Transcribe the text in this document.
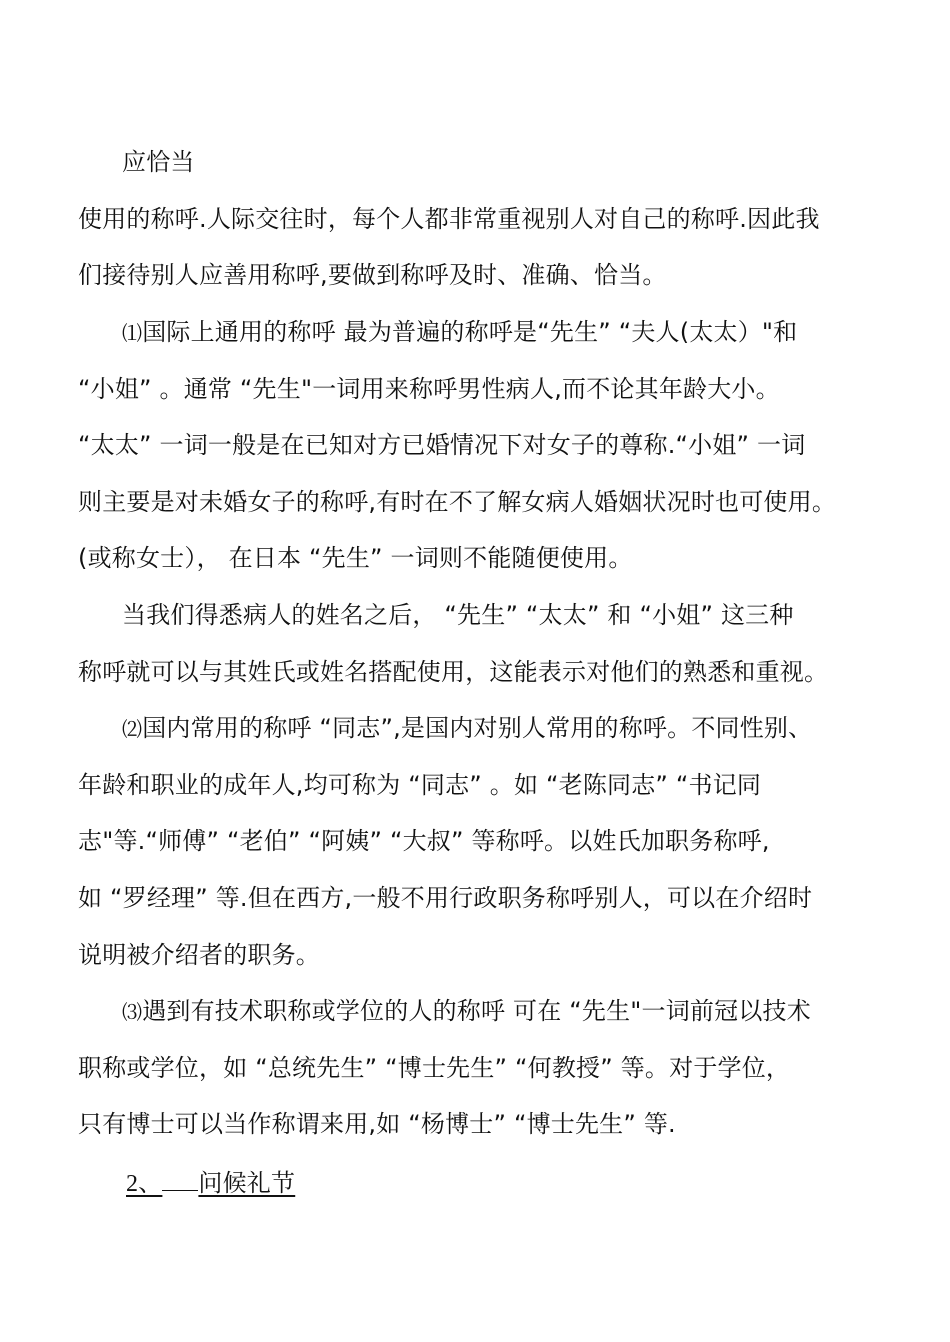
应恰当
使用的称呼.人际交往时，每个人都非常重视别人对自己的称呼.因此我
们接待别人应善用称呼,要做到称呼及时、准确、恰当。
⑴国际上通用的称呼 最为普遍的称呼是“先生” “夫人(太太）"和
“小姐” 。通常 “先生"一词用来称呼男性病人,而不论其年龄大小。
“太太” 一词一般是在已知对方已婚情况下对女子的尊称.“小姐” 一词
则主要是对未婚女子的称呼,有时在不了解女病人婚姻状况时也可使用。
(或称女士）， 在日本 “先生” 一词则不能随便使用。
当我们得悉病人的姓名之后， “先生” “太太” 和 “小姐” 这三种
称呼就可以与其姓氏或姓名搭配使用，这能表示对他们的熟悉和重视。
⑵国内常用的称呼 “同志”,是国内对别人常用的称呼。不同性别、
年龄和职业的成年人,均可称为 “同志” 。如 “老陈同志” “书记同
志"等.“师傅” “老伯” “阿姨” “大叔” 等称呼。以姓氏加职务称呼,
如 “罗经理” 等.但在西方,一般不用行政职务称呼别人，可以在介绍时
说明被介绍者的职务。
⑶遇到有技术职称或学位的人的称呼 可在 “先生"一词前冠以技术
职称或学位，如 “总统先生” “博士先生” “何教授” 等。对于学位，
只有博士可以当作称谓来用,如 “杨博士” “博士先生” 等.
2、 问候礼节
